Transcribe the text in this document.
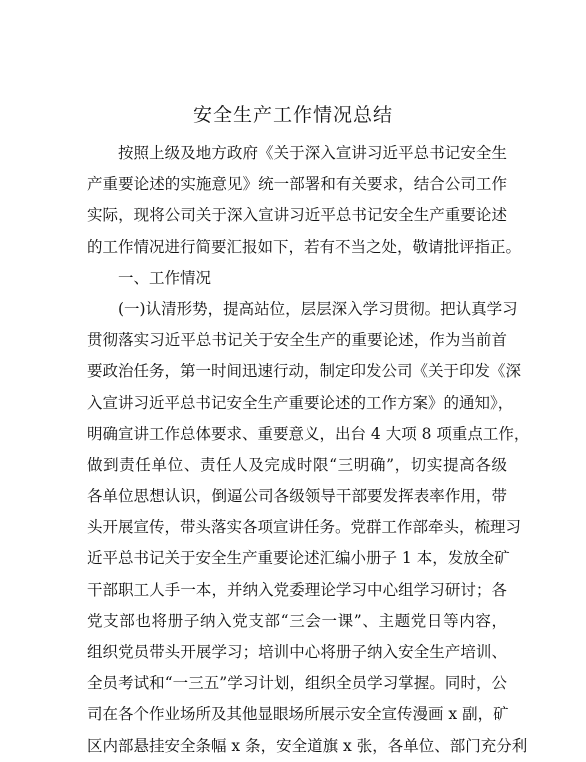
安全生产工作情况总结
按照上级及地方政府《关于深入宣讲习近平总书记安全生
产重要论述的实施意见》统一部署和有关要求，结合公司工作
实际，现将公司关于深入宣讲习近平总书记安全生产重要论述
的工作情况进行简要汇报如下，若有不当之处，敬请批评指正。
一、工作情况
(一)认清形势，提高站位，层层深入学习贯彻。把认真学习
贯彻落实习近平总书记关于安全生产的重要论述，作为当前首
要政治任务，第一时间迅速行动，制定印发公司《关于印发《深
入宣讲习近平总书记安全生产重要论述的工作方案》的通知》，
明确宣讲工作总体要求、重要意义，出台 4 大项 8 项重点工作，
做到责任单位、责任人及完成时限“三明确”，切实提高各级
各单位思想认识，倒逼公司各级领导干部要发挥表率作用，带
头开展宣传，带头落实各项宣讲任务。党群工作部牵头，梳理习
近平总书记关于安全生产重要论述汇编小册子 1 本，发放全矿
干部职工人手一本，并纳入党委理论学习中心组学习研讨；各
党支部也将册子纳入党支部“三会一课”、主题党日等内容，
组织党员带头开展学习；培训中心将册子纳入安全生产培训、
全员考试和“一三五”学习计划，组织全员学习掌握。同时，公
司在各个作业场所及其他显眼场所展示安全宣传漫画 x 副，矿
区内部悬挂安全条幅 x 条，安全道旗 x 张，各单位、部门充分利
